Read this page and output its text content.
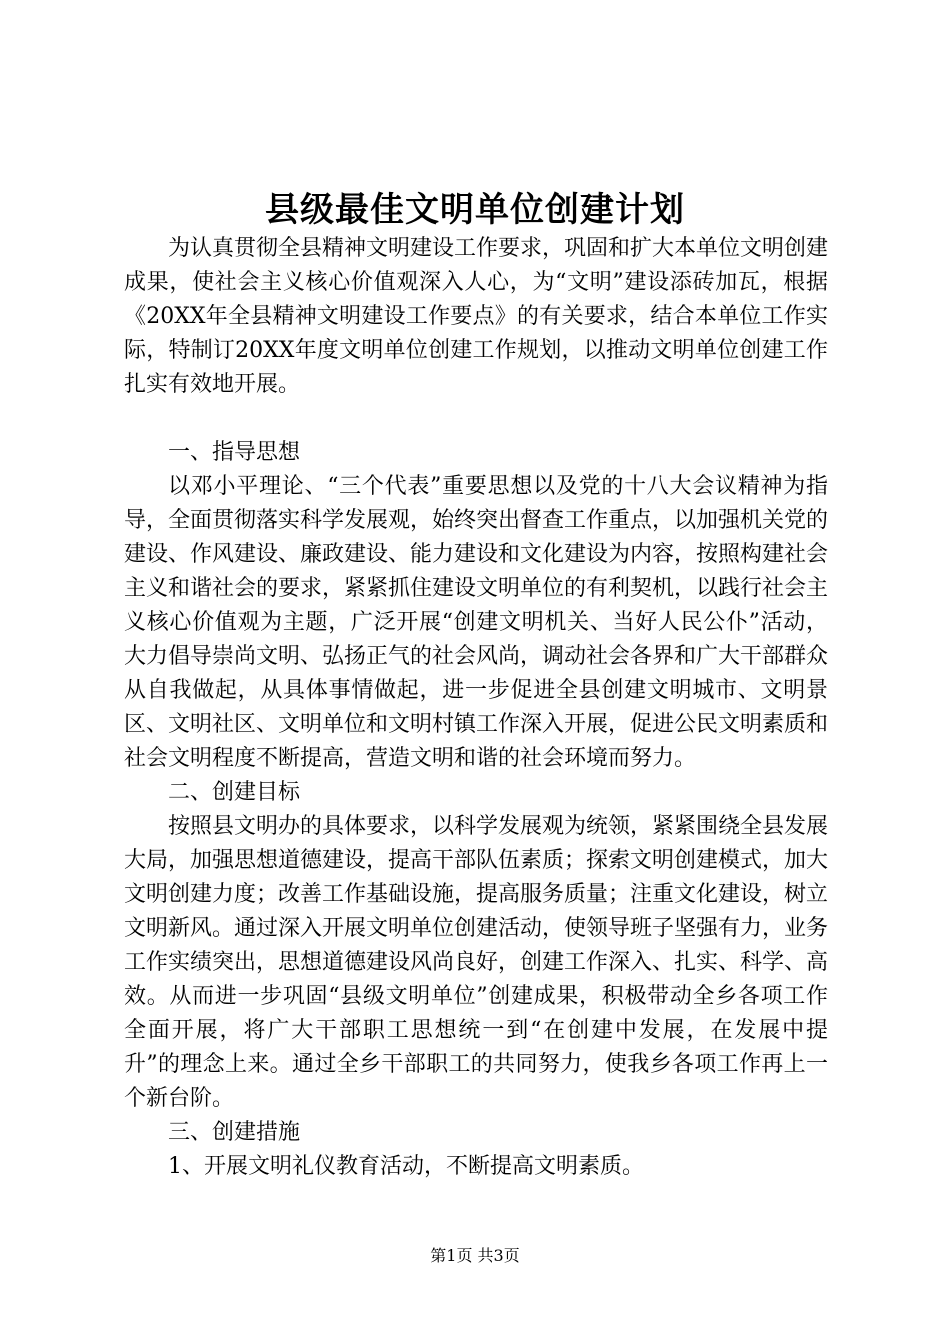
县级最佳文明单位创建计划

为认真贯彻全县精神文明建设工作要求，巩固和扩大本单位文明创建成果，使社会主义核心价值观深入人心，为“文明”建设添砖加瓦，根据《20XX年全县精神文明建设工作要点》的有关要求，结合本单位工作实际，特制订20XX年度文明单位创建工作规划，以推动文明单位创建工作扎实有效地开展。

一、指导思想

以邓小平理论、“三个代表”重要思想以及党的十八大会议精神为指导，全面贯彻落实科学发展观，始终突出督查工作重点，以加强机关党的建设、作风建设、廉政建设、能力建设和文化建设为内容，按照构建社会主义和谐社会的要求，紧紧抓住建设文明单位的有利契机，以践行社会主义核心价值观为主题，广泛开展“创建文明机关、当好人民公仆”活动，大力倡导崇尚文明、弘扬正气的社会风尚，调动社会各界和广大干部群众从自我做起，从具体事情做起，进一步促进全县创建文明城市、文明景区、文明社区、文明单位和文明村镇工作深入开展，促进公民文明素质和社会文明程度不断提高，营造文明和谐的社会环境而努力。

二、创建目标

按照县文明办的具体要求，以科学发展观为统领，紧紧围绕全县发展大局，加强思想道德建设，提高干部队伍素质；探索文明创建模式，加大文明创建力度；改善工作基础设施，提高服务质量；注重文化建设，树立文明新风。通过深入开展文明单位创建活动，使领导班子坚强有力，业务工作实绩突出，思想道德建设风尚良好，创建工作深入、扎实、科学、高效。从而进一步巩固“县级文明单位”创建成果，积极带动全乡各项工作全面开展，将广大干部职工思想统一到“在创建中发展，在发展中提升”的理念上来。通过全乡干部职工的共同努力，使我乡各项工作再上一个新台阶。

三、创建措施

1、开展文明礼仪教育活动，不断提高文明素质。

第1页 共3页
